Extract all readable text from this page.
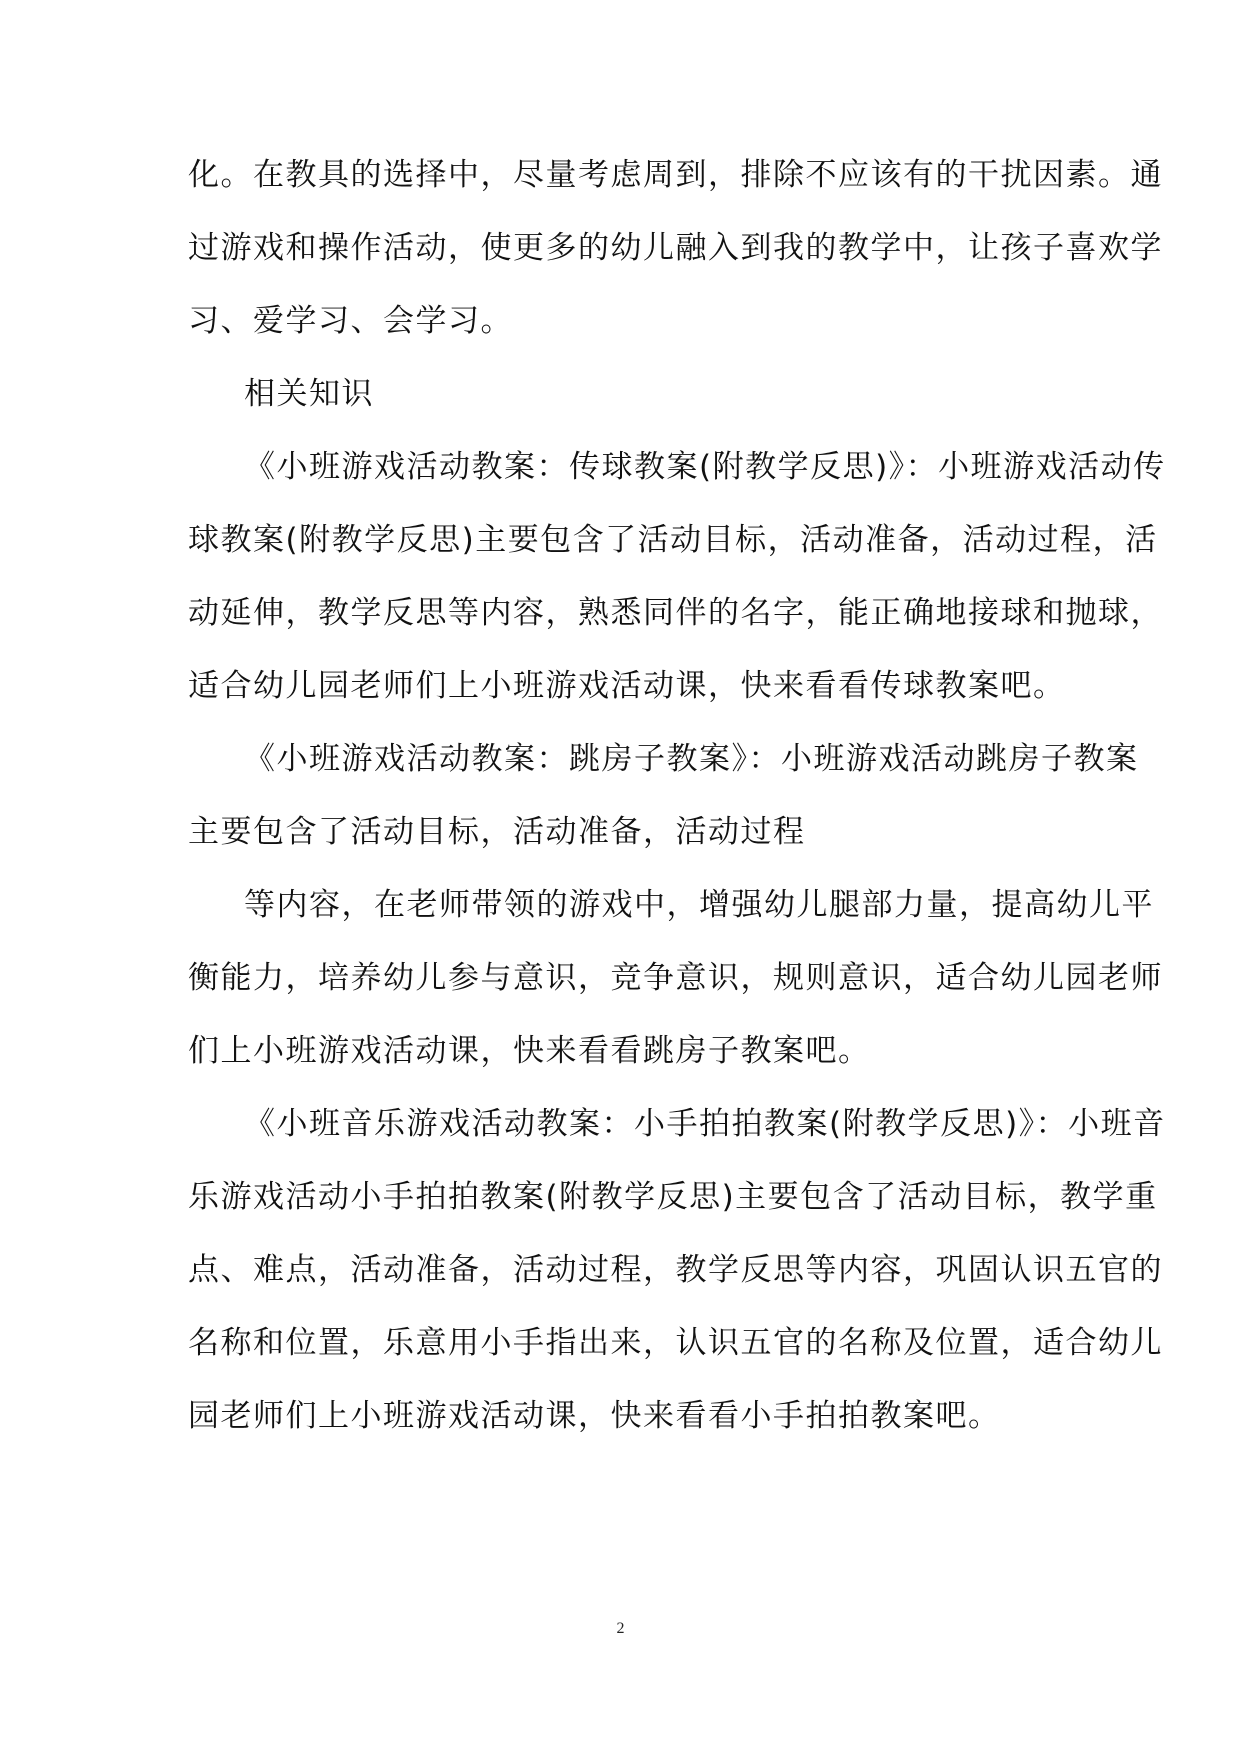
化。在教具的选择中，尽量考虑周到，排除不应该有的干扰因素。通
过游戏和操作活动，使更多的幼儿融入到我的教学中，让孩子喜欢学
习、爱学习、会学习。
相关知识
《小班游戏活动教案：传球教案(附教学反思)》：小班游戏活动传
球教案(附教学反思)主要包含了活动目标，活动准备，活动过程，活
动延伸，教学反思等内容，熟悉同伴的名字，能正确地接球和抛球，
适合幼儿园老师们上小班游戏活动课，快来看看传球教案吧。
《小班游戏活动教案：跳房子教案》：小班游戏活动跳房子教案
主要包含了活动目标，活动准备，活动过程
等内容，在老师带领的游戏中，增强幼儿腿部力量，提高幼儿平
衡能力，培养幼儿参与意识，竞争意识，规则意识，适合幼儿园老师
们上小班游戏活动课，快来看看跳房子教案吧。
《小班音乐游戏活动教案：小手拍拍教案(附教学反思)》：小班音
乐游戏活动小手拍拍教案(附教学反思)主要包含了活动目标，教学重
点、难点，活动准备，活动过程，教学反思等内容，巩固认识五官的
名称和位置，乐意用小手指出来，认识五官的名称及位置，适合幼儿
园老师们上小班游戏活动课，快来看看小手拍拍教案吧。
2
